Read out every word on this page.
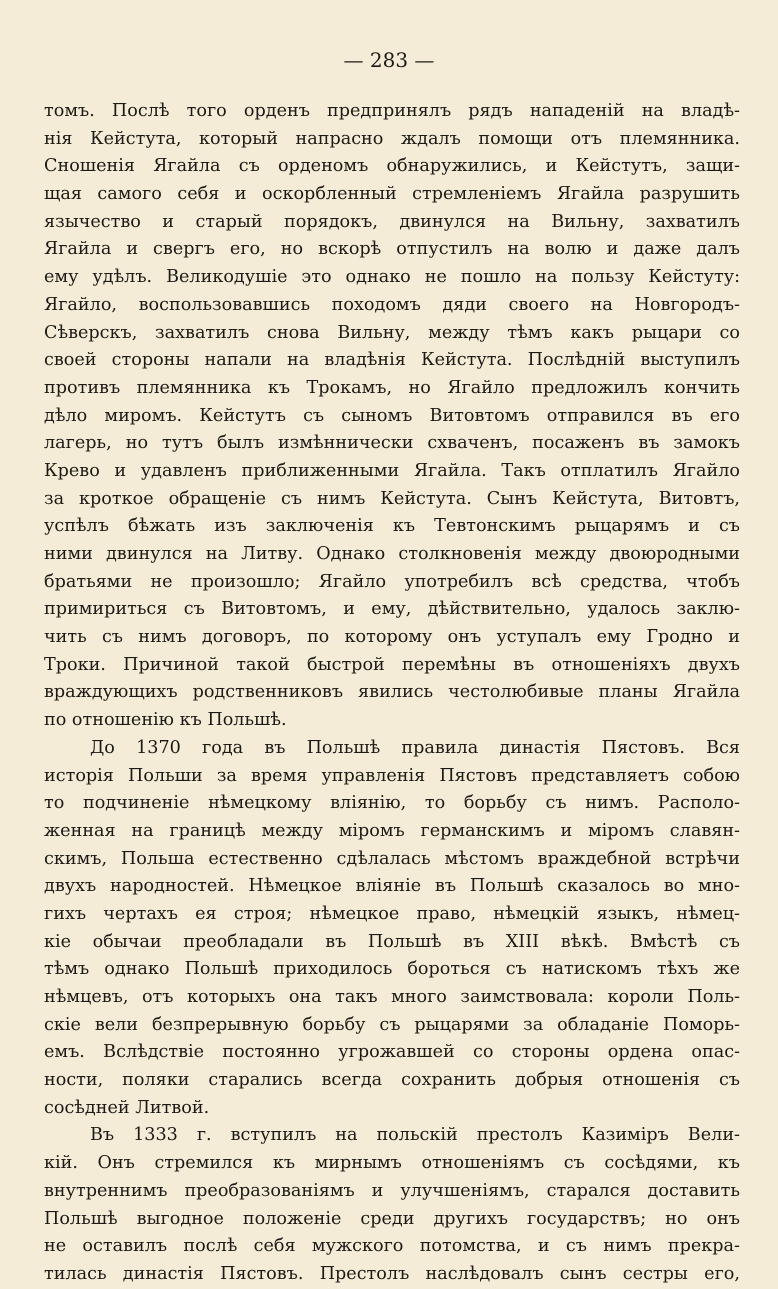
— 283 —
томъ. Послѣ того орденъ предпринялъ рядъ нападеній на владѣ-
нія Кейстута, который напрасно ждалъ помощи отъ племянника.
Сношенія Ягайла съ орденомъ обнаружились, и Кейстутъ, защи-
щая самого себя и оскорбленный стремленіемъ Ягайла разрушить
язычество и старый порядокъ, двинулся на Вильну, захватилъ
Ягайла и свергъ его, но вскорѣ отпустилъ на волю и даже далъ
ему удѣлъ. Великодушіе это однако не пошло на пользу Кейстуту:
Ягайло, воспользовавшись походомъ дяди своего на Новгородъ-
Сѣверскъ, захватилъ снова Вильну, между тѣмъ какъ рыцари со
своей стороны напали на владѣнія Кейстута. Послѣдній выступилъ
противъ племянника къ Трокамъ, но Ягайло предложилъ кончить
дѣло миромъ. Кейстутъ съ сыномъ Витовтомъ отправился въ его
лагерь, но тутъ былъ измѣннически схваченъ, посаженъ въ замокъ
Крево и удавленъ приближенными Ягайла. Такъ отплатилъ Ягайло
за кроткое обращеніе съ нимъ Кейстута. Сынъ Кейстута, Витовтъ,
успѣлъ бѣжать изъ заключенія къ Тевтонскимъ рыцарямъ и съ
ними двинулся на Литву. Однако столкновенія между двоюродными
братьями не произошло; Ягайло употребилъ всѣ средства, чтобъ
примириться съ Витовтомъ, и ему, дѣйствительно, удалось заклю-
чить съ нимъ договоръ, по которому онъ уступалъ ему Гродно и
Троки. Причиной такой быстрой перемѣны въ отношеніяхъ двухъ
враждующихъ родственниковъ явились честолюбивые планы Ягайла
по отношенію къ Польшѣ.
До 1370 года въ Польшѣ правила династія Пястовъ. Вся
исторія Польши за время управленія Пястовъ представляетъ собою
то подчиненіе нѣмецкому вліянію, то борьбу съ нимъ. Располо-
женная на границѣ между міромъ германскимъ и міромъ славян-
скимъ, Польша естественно сдѣлалась мѣстомъ враждебной встрѣчи
двухъ народностей. Нѣмецкое вліяніе въ Польшѣ сказалось во мно-
гихъ чертахъ ея строя; нѣмецкое право, нѣмецкій языкъ, нѣмец-
кіе обычаи преобладали въ Польшѣ въ XIII вѣкѣ. Вмѣстѣ съ
тѣмъ однако Польшѣ приходилось бороться съ натискомъ тѣхъ же
нѣмцевъ, отъ которыхъ она такъ много заимствовала: короли Поль-
скіе вели безпрерывную борьбу съ рыцарями за обладаніе Поморь-
емъ. Вслѣдствіе постоянно угрожавшей со стороны ордена опас-
ности, поляки старались всегда сохранить добрыя отношенія съ
сосѣдней Литвой.
Въ 1333 г. вступилъ на польскій престолъ Казиміръ Вели-
кій. Онъ стремился къ мирнымъ отношеніямъ съ сосѣдями, къ
внутреннимъ преобразованіямъ и улучшеніямъ, старался доставить
Польшѣ выгодное положеніе среди другихъ государствъ; но онъ
не оставилъ послѣ себя мужского потомства, и съ нимъ прекра-
тилась династія Пястовъ. Престолъ наслѣдовалъ сынъ сестры его,
